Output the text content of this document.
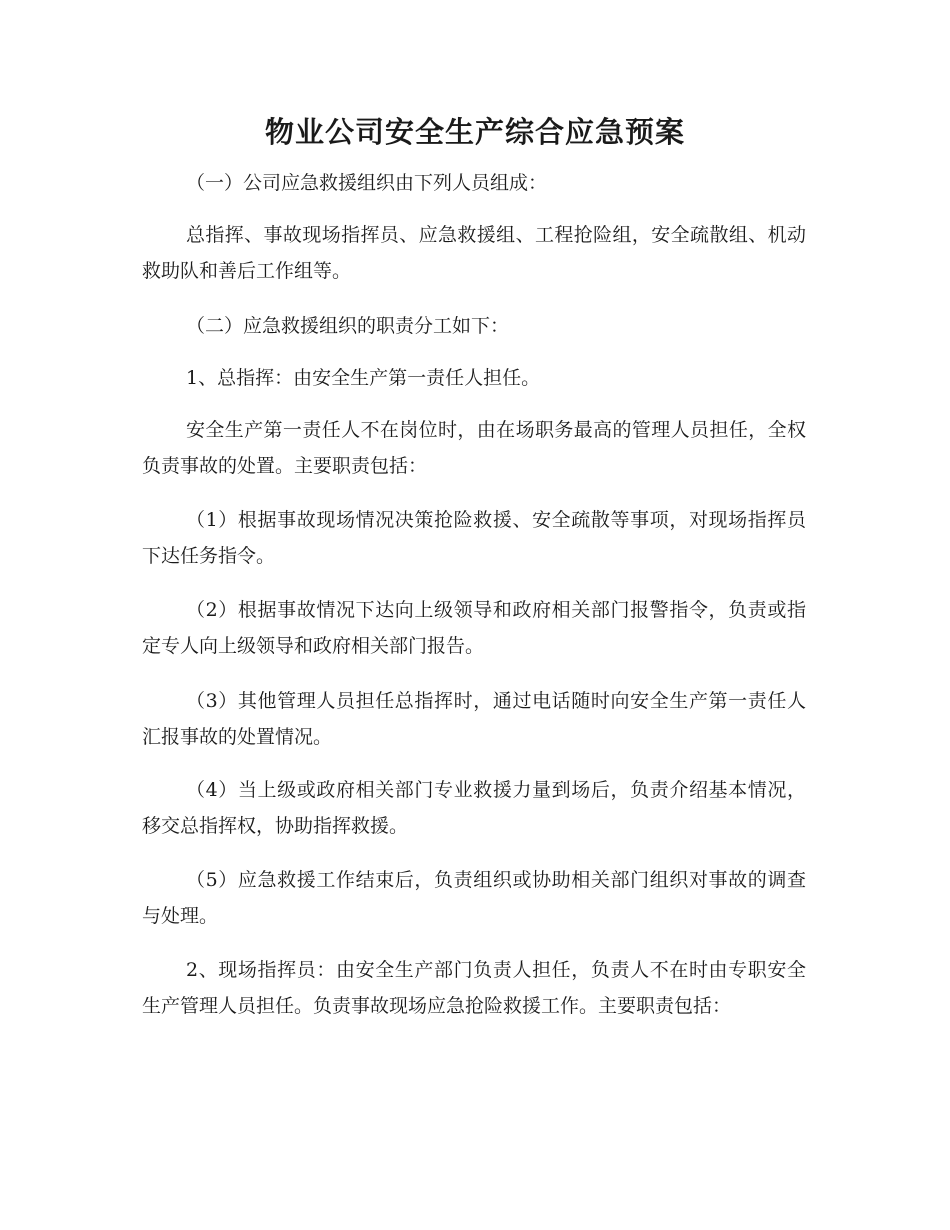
物业公司安全生产综合应急预案
（一）公司应急救援组织由下列人员组成：
总指挥、事故现场指挥员、应急救援组、工程抢险组，安全疏散组、机动救助队和善后工作组等。
（二）应急救援组织的职责分工如下：
1、总指挥：由安全生产第一责任人担任。
安全生产第一责任人不在岗位时，由在场职务最高的管理人员担任，全权负责事故的处置。主要职责包括：
（1）根据事故现场情况决策抢险救援、安全疏散等事项，对现场指挥员下达任务指令。
（2）根据事故情况下达向上级领导和政府相关部门报警指令，负责或指定专人向上级领导和政府相关部门报告。
（3）其他管理人员担任总指挥时，通过电话随时向安全生产第一责任人汇报事故的处置情况。
（4）当上级或政府相关部门专业救援力量到场后，负责介绍基本情况，移交总指挥权，协助指挥救援。
（5）应急救援工作结束后，负责组织或协助相关部门组织对事故的调查与处理。
2、现场指挥员：由安全生产部门负责人担任，负责人不在时由专职安全生产管理人员担任。负责事故现场应急抢险救援工作。主要职责包括：
